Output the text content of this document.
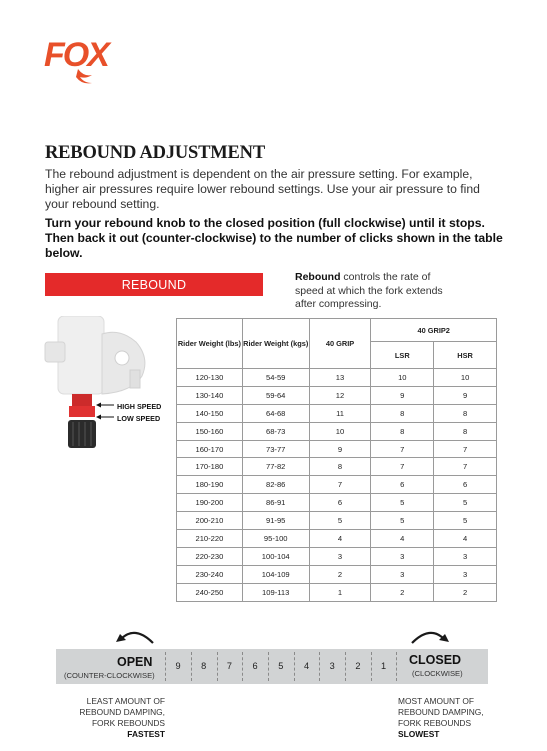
FOX
REBOUND ADJUSTMENT
The rebound adjustment is dependent on the air pressure setting. For example, higher air pressures require lower rebound settings. Use your air pressure to find your rebound setting.
Turn your rebound knob to the closed position (full clockwise) until it stops. Then back it out (counter-clockwise) to the number of clicks shown in the table below.
REBOUND
Rebound controls the rate of speed at which the fork extends after compressing.
HIGH SPEED
LOW SPEED
Rider Weight (lbs)	Rider Weight (kgs)	40 GRIP	40 GRIP2	
			LSR	HSR
120-130	54-59	13	10	10
130-140	59-64	12	9	9
140-150	64-68	11	8	8
150-160	68-73	10	8	8
160-170	73-77	9	7	7
170-180	77-82	8	7	7
180-190	82-86	7	6	6
190-200	86-91	6	5	5
200-210	91-95	5	5	5
210-220	95-100	4	4	4
220-230	100-104	3	3	3
230-240	104-109	2	3	3
240-250	109-113	1	2	2
OPEN
(COUNTER-CLOCKWISE)
CLOSED
(CLOCKWISE)
9 8 7 6 5 4 3 2 1
LEAST AMOUNT OF
REBOUND DAMPING,
FORK REBOUNDS
FASTEST
MOST AMOUNT OF
REBOUND DAMPING,
FORK REBOUNDS
SLOWEST
